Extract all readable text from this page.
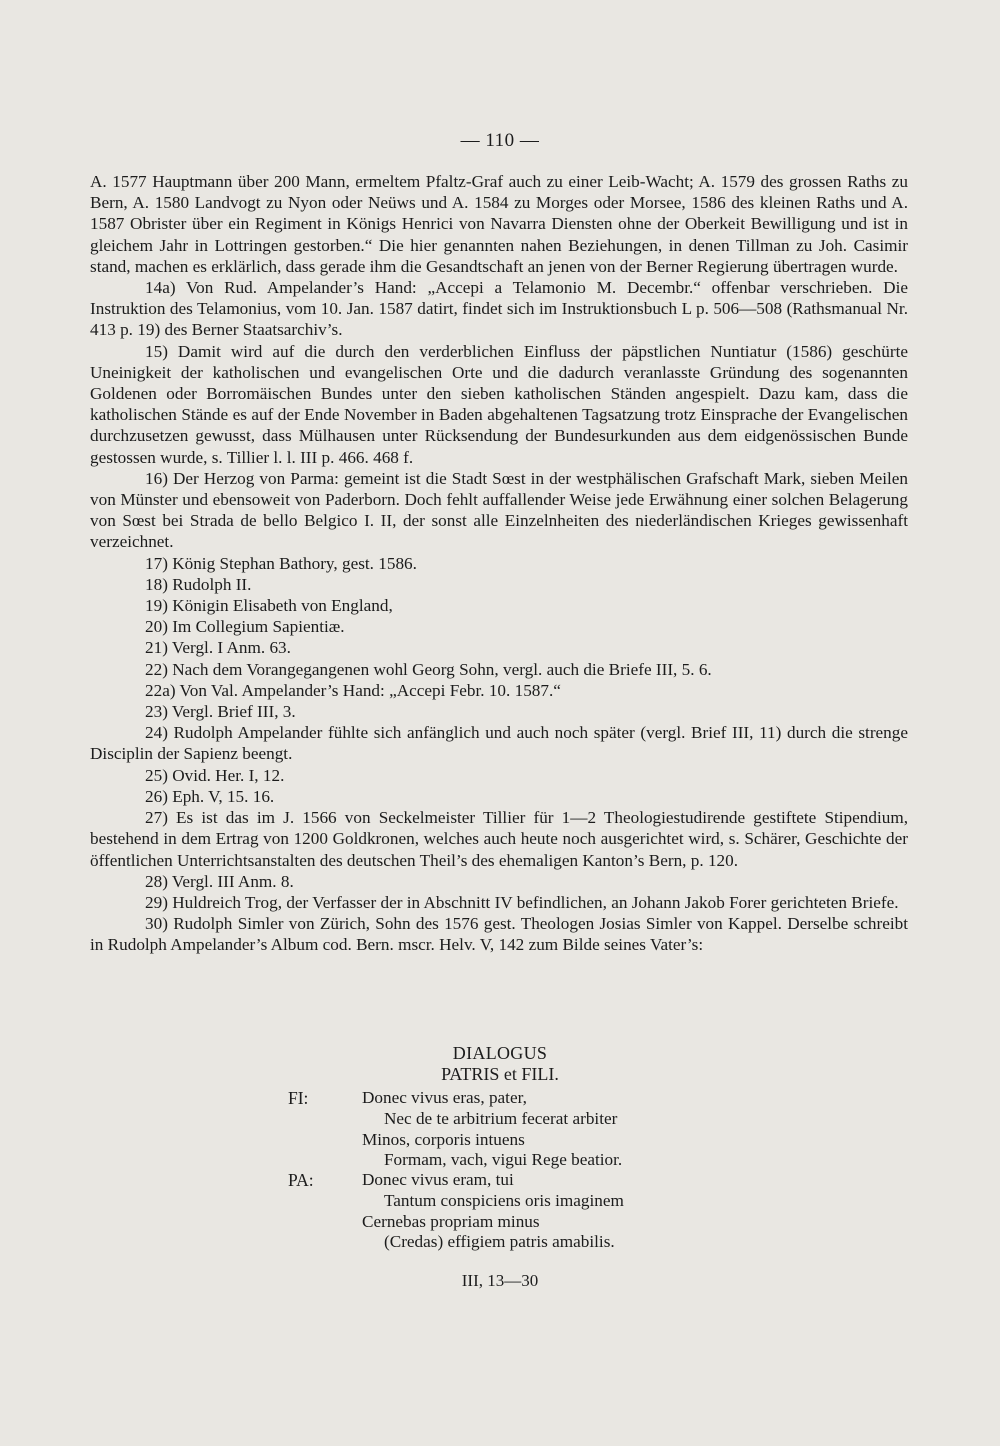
— 110 —

A. 1577 Hauptmann über 200 Mann, ermeltem Pfaltz-Graf auch zu einer Leib-Wacht; A. 1579 des grossen Raths zu Bern, A. 1580 Landvogt zu Nyon oder Neüws und A. 1584 zu Morges oder Morsee, 1586 des kleinen Raths und A. 1587 Obrister über ein Regiment in Königs Henrici von Navarra Diensten ohne der Oberkeit Bewilligung und ist in gleichem Jahr in Lottringen gestorben.“ Die hier genannten nahen Beziehungen, in denen Tillman zu Joh. Casimir stand, machen es erklärlich, dass gerade ihm die Gesandtschaft an jenen von der Berner Regierung übertragen wurde.

14a) Von Rud. Ampelander’s Hand: „Accepi a Telamonio M. Decembr.“ offenbar verschrieben. Die Instruktion des Telamonius, vom 10. Jan. 1587 datirt, findet sich im Instruktionsbuch L p. 506—508 (Rathsmanual Nr. 413 p. 19) des Berner Staatsarchiv’s.

15) Damit wird auf die durch den verderblichen Einfluss der päpstlichen Nuntiatur (1586) geschürte Uneinigkeit der katholischen und evangelischen Orte und die dadurch veranlasste Gründung des sogenannten Goldenen oder Borromäischen Bundes unter den sieben katholischen Ständen angespielt. Dazu kam, dass die katholischen Stände es auf der Ende November in Baden abgehaltenen Tagsatzung trotz Einsprache der Evangelischen durchzusetzen gewusst, dass Mülhausen unter Rücksendung der Bundesurkunden aus dem eidgenössischen Bunde gestossen wurde, s. Tillier l. l. III p. 466. 468 f.

16) Der Herzog von Parma: gemeint ist die Stadt Sœst in der westphälischen Grafschaft Mark, sieben Meilen von Münster und ebensoweit von Paderborn. Doch fehlt auffallender Weise jede Erwähnung einer solchen Belagerung von Sœst bei Strada de bello Belgico I. II, der sonst alle Einzelnheiten des niederländischen Krieges gewissenhaft verzeichnet.

17) König Stephan Bathory, gest. 1586.

18) Rudolph II.

19) Königin Elisabeth von England,

20) Im Collegium Sapientiæ.

21) Vergl. I Anm. 63.

22) Nach dem Vorangegangenen wohl Georg Sohn, vergl. auch die Briefe III, 5. 6.

22a) Von Val. Ampelander’s Hand: „Accepi Febr. 10. 1587.“

23) Vergl. Brief III, 3.

24) Rudolph Ampelander fühlte sich anfänglich und auch noch später (vergl. Brief III, 11) durch die strenge Disciplin der Sapienz beengt.

25) Ovid. Her. I, 12.

26) Eph. V, 15. 16.

27) Es ist das im J. 1566 von Seckelmeister Tillier für 1—2 Theologiestudirende gestiftete Stipendium, bestehend in dem Ertrag von 1200 Goldkronen, welches auch heute noch ausgerichtet wird, s. Schärer, Geschichte der öffentlichen Unterrichtsanstalten des deutschen Theil’s des ehemaligen Kanton’s Bern, p. 120.

28) Vergl. III Anm. 8.

29) Huldreich Trog, der Verfasser der in Abschnitt IV befindlichen, an Johann Jakob Forer gerichteten Briefe.

30) Rudolph Simler von Zürich, Sohn des 1576 gest. Theologen Josias Simler von Kappel. Derselbe schreibt in Rudolph Ampelander’s Album cod. Bern. mscr. Helv. V, 142 zum Bilde seines Vater’s:

DIALOGUS
PATRIS et FILI.
FI:	Donec vivus eras, pater,
Nec de te arbitrium fecerat arbiter
Minos, corporis intuens
Formam, vach, vigui Rege beatior.
PA:	Donec vivus eram, tui
Tantum conspiciens oris imaginem
Cernebas propriam minus
(Credas) effigiem patris amabilis.
III, 13—30
